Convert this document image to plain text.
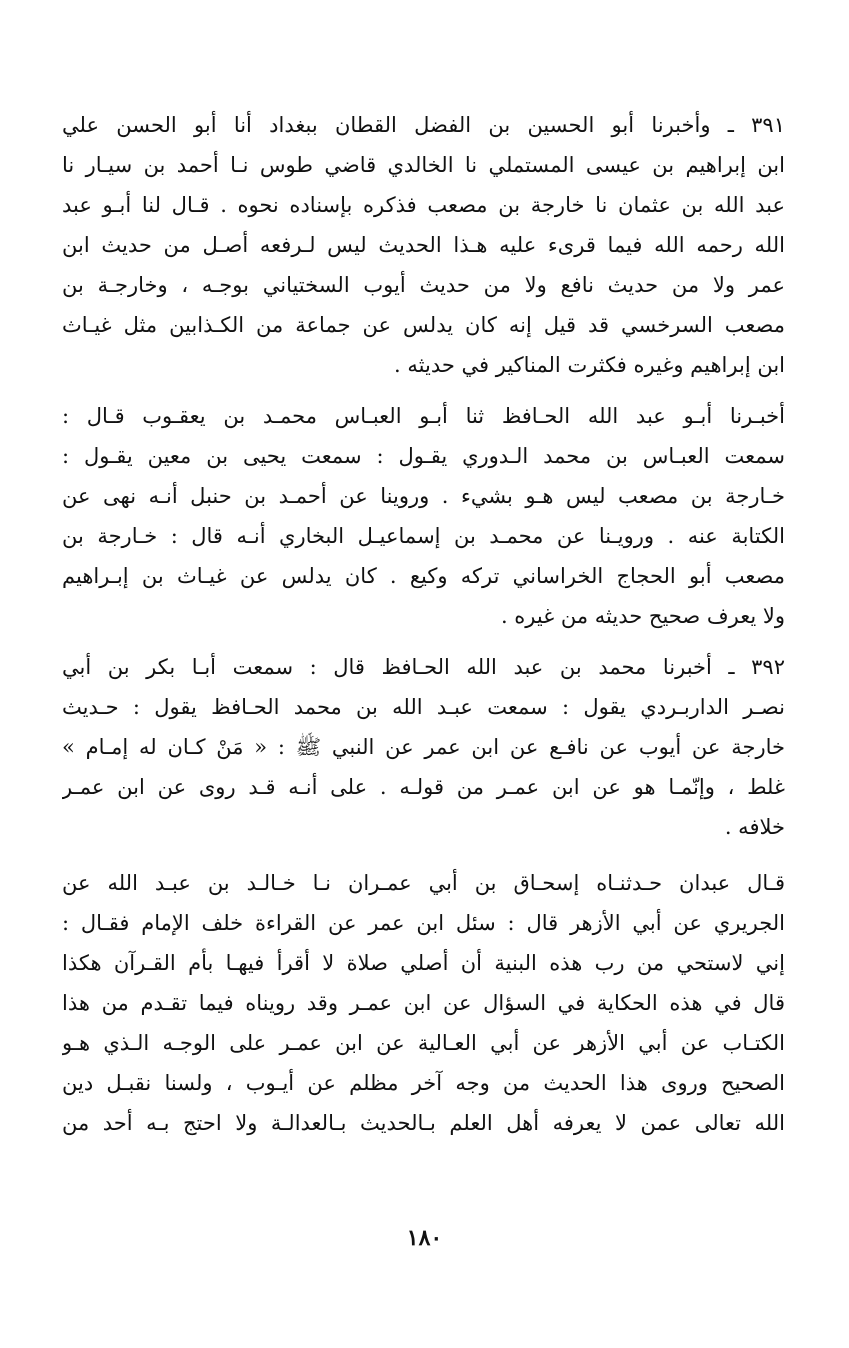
٣٩١ ـ وأخبرنا أبو الحسين بن الفضل القطان ببغداد أنا أبو الحسن علي
ابن إبراهيم بن عيسى المستملي نا الخالدي قاضي طوس نـا أحمد بن سيـار نا
عبد الله بن عثمان نا خارجة بن مصعب فذكره بإسناده نحوه . قـال لنا أبـو عبد
الله رحمه الله فيما قرىء عليه هـذا الحديث ليس لـرفعه أصـل من حديث ابن
عمر ولا من حديث نافع ولا من حديث أيوب السختياني بوجـه ، وخارجـة بن
مصعب السرخسي قد قيل إنه كان يدلس عن جماعة من الكـذابين مثل غيـاث
ابن إبراهيم وغيره فكثرت المناكير في حديثه .
أخبـرنا أبـو عبد الله الحـافظ ثنا أبـو العبـاس محمـد بن يعقـوب قـال :
سمعت العبـاس بن محمد الـدوري يقـول : سمعت يحيى بن معين يقـول :
خـارجة بن مصعب ليس هـو بشيء . وروينا عن أحمـد بن حنبل أنـه نهى عن
الكتابة عنه . ورويـنا عن محمـد بن إسماعيـل البخاري أنـه قال : خـارجة بن
مصعب أبو الحجاج الخراساني تركه وكيع . كان يدلس عن غيـاث بن إبـراهيم
ولا يعرف صحيح حديثه من غيره .
٣٩٢ ـ أخبرنا محمد بن عبد الله الحـافظ قال : سمعت أبـا بكر بن أبي
نصـر الداربـردي يقول : سمعت عبـد الله بن محمد الحـافظ يقول : حـديث
خارجة عن أيوب عن نافـع عن ابن عمر عن النبي ﷺ : « مَنْ كـان له إمـام »
غلط ، وإنّمـا هو عن ابن عمـر من قولـه . على أنـه قـد روى عن ابن عمـر
خلافه .
قـال عبدان حـدثنـاه إسحـاق بن أبي عمـران نـا خـالـد بن عبـد الله عن
الجريري عن أبي الأزهر قال : سئل ابن عمر عن القراءة خلف الإمام فقـال :
إني لاستحي من رب هذه البنية أن أصلي صلاة لا أقرأ فيهـا بأم القـرآن هكذا
قال في هذه الحكاية في السؤال عن ابن عمـر وقد رويناه فيما تقـدم من هذا
الكتـاب عن أبي الأزهر عن أبي العـالية عن ابن عمـر على الوجـه الـذي هـو
الصحيح وروى هذا الحديث من وجه آخر مظلم عن أيـوب ، ولسنا نقبـل دين
الله تعالى عمن لا يعرفه أهل العلم بـالحديث بـالعدالـة ولا احتج بـه أحد من
١٨٠
